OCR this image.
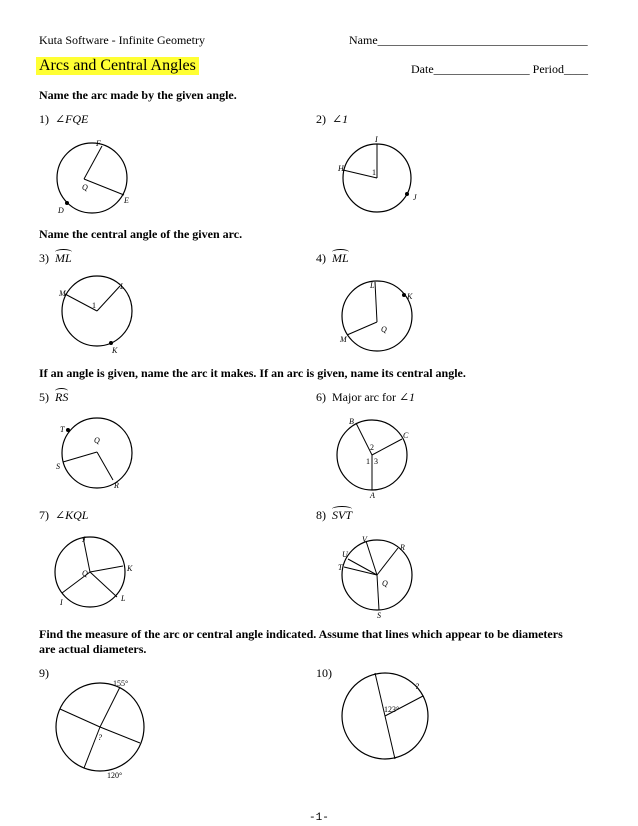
Kuta Software - Infinite Geometry	Name___________________________________
Arcs and Central Angles	Date________________ Period____
Name the arc made by the given angle.
1) ∠FQE	2) ∠1
F
Q
E
D
I
H	1
J
Name the central angle of the given arc.
3) ML	4) ML
M
L
1
K
L
K
Q
M
If an angle is given, name the arc it makes. If an arc is given, name its central angle.
5) RS	6) Major arc for ∠1
T
Q
S
R
B
C
2
1 3
A
7) ∠KQL	8) SVT
J
K
Q
I	L
V
R
U
T
Q
S
Find the measure of the arc or central angle indicated. Assume that lines which appear to be diameters
are actual diameters.
9)	10)
155°
?
120°
?
123°
-1-
